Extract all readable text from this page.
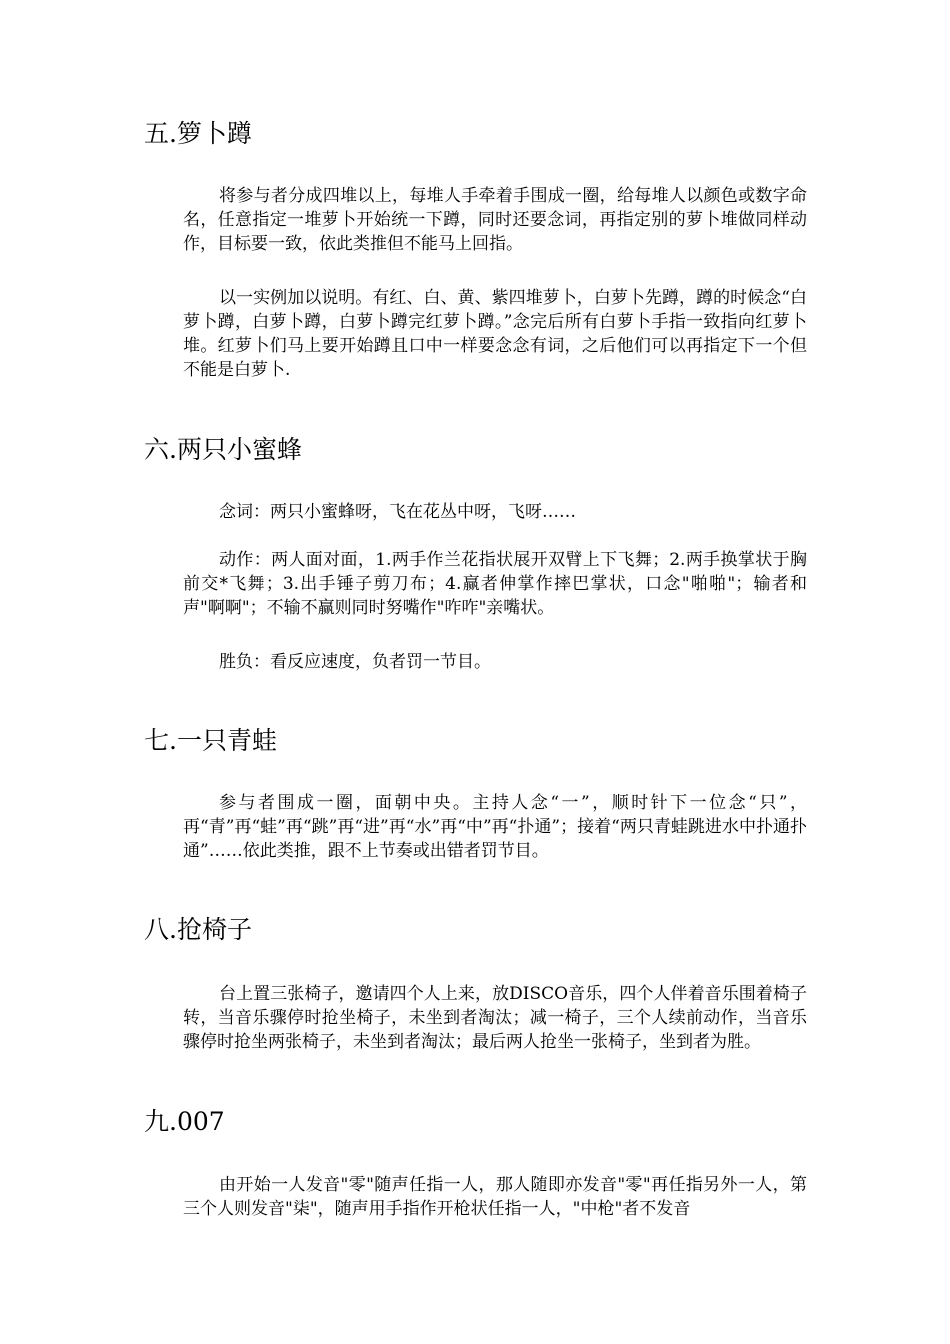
五.箩卜蹲

将参与者分成四堆以上，每堆人手牵着手围成一圈，给每堆人以颜色或数字命名，任意指定一堆萝卜开始统一下蹲，同时还要念词，再指定别的萝卜堆做同样动作，目标要一致，依此类推但不能马上回指。

以一实例加以说明。有红、白、黄、紫四堆萝卜，白萝卜先蹲，蹲的时候念“白萝卜蹲，白萝卜蹲，白萝卜蹲完红萝卜蹲。”念完后所有白萝卜手指一致指向红萝卜堆。红萝卜们马上要开始蹲且口中一样要念念有词，之后他们可以再指定下一个但不能是白萝卜.

六.两只小蜜蜂

念词：两只小蜜蜂呀，飞在花丛中呀，飞呀……

动作：两人面对面，1.两手作兰花指状展开双臂上下飞舞；2.两手换掌状于胸前交*飞舞；3.出手锤子剪刀布；4.赢者伸掌作摔巴掌状，口念"啪啪"；输者和声"啊啊"；不输不赢则同时努嘴作"咋咋"亲嘴状。

胜负：看反应速度，负者罚一节目。

七.一只青蛙

参与者围成一圈，面朝中央。主持人念“一”，顺时针下一位念“只”，再“青”再“蛙”再“跳”再“进”再“水”再“中”再“扑通”；接着“两只青蛙跳进水中扑通扑通”……依此类推，跟不上节奏或出错者罚节目。

八.抢椅子

台上置三张椅子，邀请四个人上来，放DISCO音乐，四个人伴着音乐围着椅子转，当音乐骤停时抢坐椅子，未坐到者淘汰；减一椅子，三个人续前动作，当音乐骤停时抢坐两张椅子，未坐到者淘汰；最后两人抢坐一张椅子，坐到者为胜。

九.007

由开始一人发音"零"随声任指一人，那人随即亦发音"零"再任指另外一人，第三个人则发音"柒"，随声用手指作开枪状任指一人，"中枪"者不发音
